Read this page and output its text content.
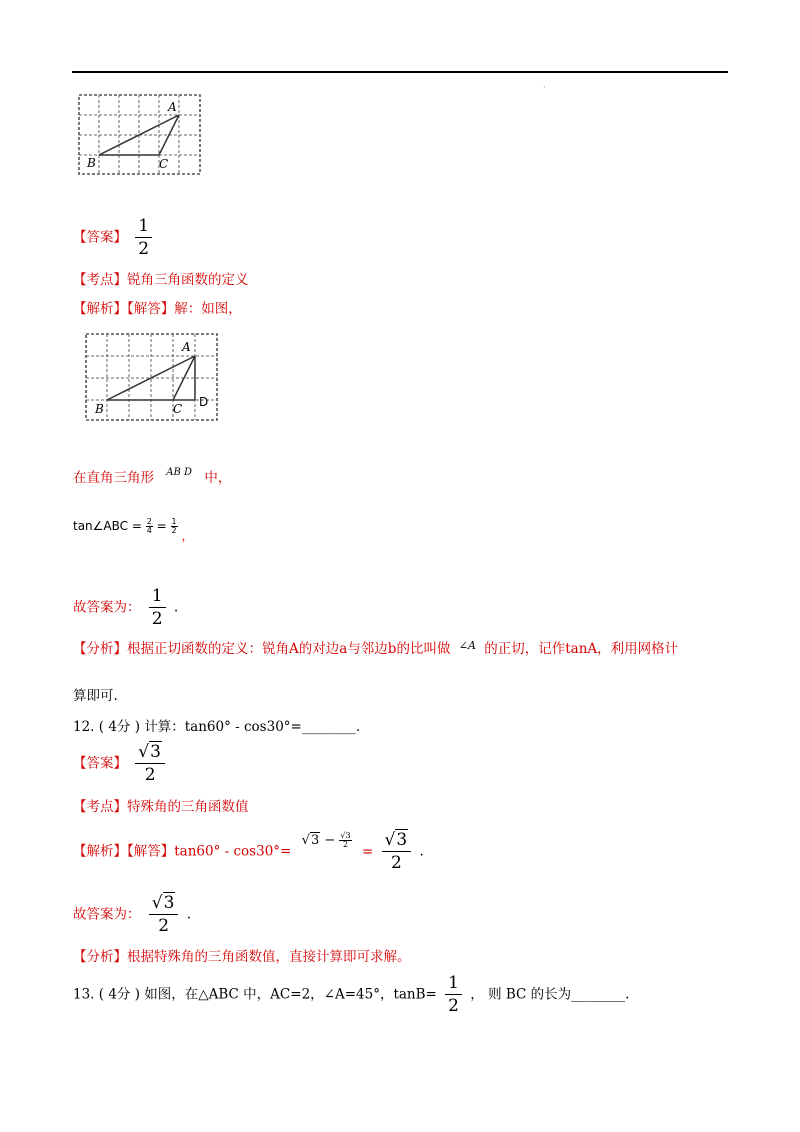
·
A
B	C
【答案】 $\frac{1}{2}$
【考点】锐角三角函数的定义
【解析】【解答】解：如图，
A
B	C D
在直角三角形 $^{AB D}$ 中，
tan∠ABC = $\frac{2}{4} = \frac{1}{2}$
，
故答案为： $\frac{1}{2}$ .
【分析】根据正切函数的定义：锐角A的对边a与邻边b的比叫做 $^{\angle A}$ 的正切，记作tanA，利用网格计
算即可.
12. ( 4分 ) 计算：tan60° - cos30°=________.
【答案】 $\frac{√3}{2}$
【考点】特殊角的三角函数值
【解析】【解答】$\tan 60^\circ - \cos 30^\circ= √3 - \frac{√3}{2}$
= $\frac{√3}{2}$ .
故答案为： $\frac{√3}{2}$ .
【分析】根据特殊角的三角函数值，直接计算即可求解。
13. ( 4分 ) 如图，在△ABC 中，AC=2，∠A=45°，$\tan B= \frac{1}{2}$ ， 则 BC 的长为________.
